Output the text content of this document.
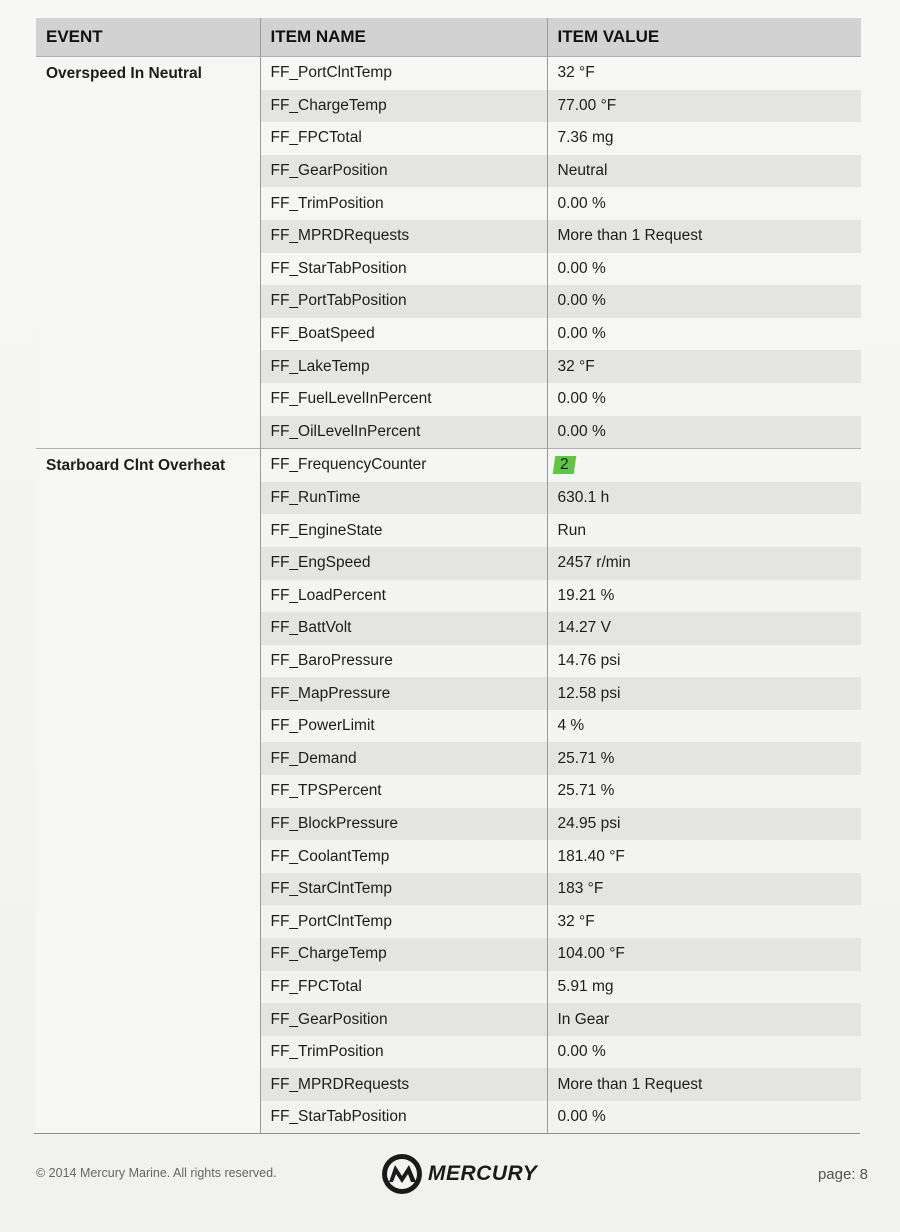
EVENT	ITEM NAME	ITEM VALUE
Overspeed In Neutral	FF_PortClntTemp	32 °F
	FF_ChargeTemp	77.00 °F
	FF_FPCTotal	7.36 mg
	FF_GearPosition	Neutral
	FF_TrimPosition	0.00 %
	FF_MPRDRequests	More than 1 Request
	FF_StarTabPosition	0.00 %
	FF_PortTabPosition	0.00 %
	FF_BoatSpeed	0.00 %
	FF_LakeTemp	32 °F
	FF_FuelLevelInPercent	0.00 %
	FF_OilLevelInPercent	0.00 %
Starboard Clnt Overheat	FF_FrequencyCounter	2
	FF_RunTime	630.1 h
	FF_EngineState	Run
	FF_EngSpeed	2457 r/min
	FF_LoadPercent	19.21 %
	FF_BattVolt	14.27 V
	FF_BaroPressure	14.76 psi
	FF_MapPressure	12.58 psi
	FF_PowerLimit	4 %
	FF_Demand	25.71 %
	FF_TPSPercent	25.71 %
	FF_BlockPressure	24.95 psi
	FF_CoolantTemp	181.40 °F
	FF_StarClntTemp	183 °F
	FF_PortClntTemp	32 °F
	FF_ChargeTemp	104.00 °F
	FF_FPCTotal	5.91 mg
	FF_GearPosition	In Gear
	FF_TrimPosition	0.00 %
	FF_MPRDRequests	More than 1 Request
	FF_StarTabPosition	0.00 %
© 2014 Mercury Marine. All rights reserved.	MERCURY	page: 8
